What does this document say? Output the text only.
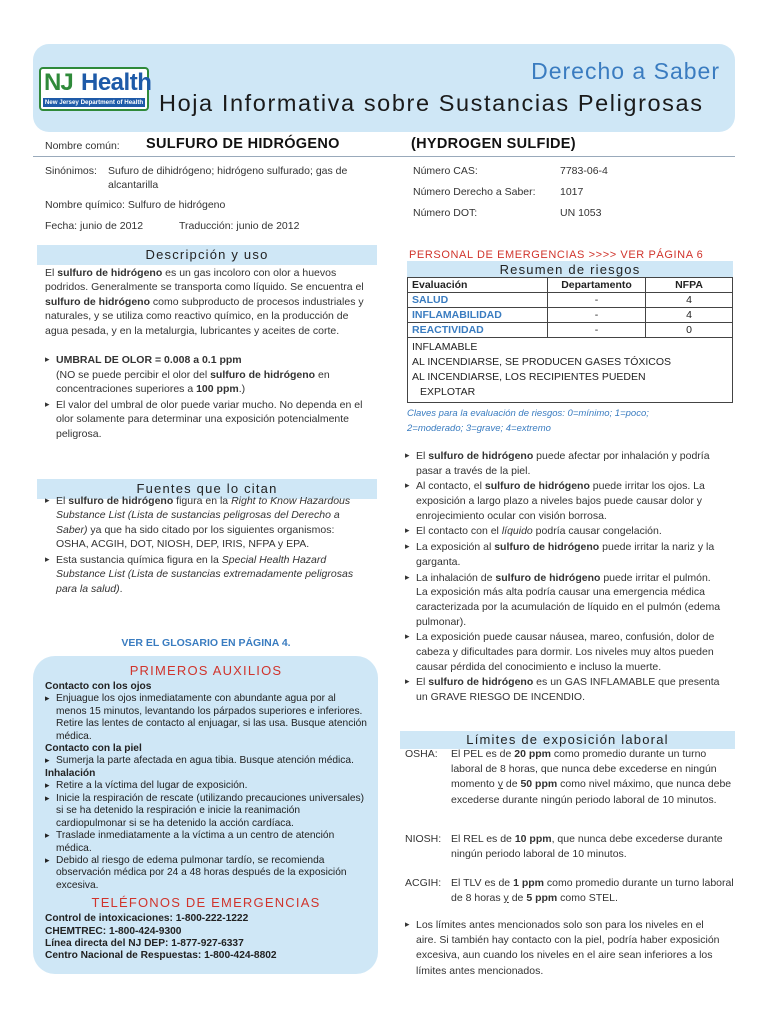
NJ Health
New Jersey Department of Health
Derecho a Saber
Hoja Informativa sobre Sustancias Peligrosas
Nombre común: SULFURO DE HIDRÓGENO	(HYDROGEN SULFIDE)
Sinónimos: Sufuro de dihidrógeno; hidrógeno sulfurado; gas de
alcantarilla
Nombre químico: Sulfuro de hidrógeno
Fecha: junio de 2012	Traducción: junio de 2012
Número CAS:	7783-06-4
Número Derecho a Saber: 1017
Número DOT:	UN 1053
Descripción y uso

El sulfuro de hidrógeno es un gas incoloro con olor a huevos podridos. Generalmente se transporta como líquido. Se encuentra el sulfuro de hidrógeno como subproducto de procesos industriales y naturales, y se utiliza como reactivo químico, en la producción de agua pesada, y en la metalurgia, lubricantes y aceites de corte.

▸ UMBRAL DE OLOR = 0.008 a 0.1 ppm
(NO se puede percibir el olor del sulfuro de hidrógeno en concentraciones superiores a 100 ppm.)
▸ El valor del umbral de olor puede variar mucho. No dependa en el olor solamente para determinar una exposición potencialmente peligrosa.
Fuentes que lo citan
▸ El sulfuro de hidrógeno figura en la Right to Know Hazardous Substance List (Lista de sustancias peligrosas del Derecho a Saber) ya que ha sido citado por los siguientes organismos: OSHA, ACGIH, DOT, NIOSH, DEP, IRIS, NFPA y EPA.
▸ Esta sustancia química figura en la Special Health Hazard Substance List (Lista de sustancias extremadamente peligrosas para la salud).
VER EL GLOSARIO EN PÁGINA 4.
PRIMEROS AUXILIOS
Contacto con los ojos
▸ Enjuague los ojos inmediatamente con abundante agua por al menos 15 minutos, levantando los párpados superiores e inferiores. Retire las lentes de contacto al enjuagar, si las usa. Busque atención médica.
Contacto con la piel
▸ Sumerja la parte afectada en agua tibia. Busque atención médica.
Inhalación
▸ Retire a la víctima del lugar de exposición.
▸ Inicie la respiración de rescate (utilizando precauciones universales) si se ha detenido la respiración e inicie la reanimación cardiopulmonar si se ha detenido la acción cardíaca.
▸ Traslade inmediatamente a la víctima a un centro de atención médica.
▸ Debido al riesgo de edema pulmonar tardío, se recomienda observación médica por 24 a 48 horas después de la exposición excesiva.
TELÉFONOS DE EMERGENCIAS
Control de intoxicaciones: 1-800-222-1222
CHEMTREC: 1-800-424-9300
Línea directa del NJ DEP: 1-877-927-6337
Centro Nacional de Respuestas: 1-800-424-8802
PERSONAL DE EMERGENCIAS >>>> VER PÁGINA 6
Resumen de riesgos
Evaluación	Departamento	NFPA
SALUD	-	4
INFLAMABILIDAD	-	4
REACTIVIDAD	-	0

INFLAMABLE
AL INCENDIARSE, SE PRODUCEN GASES TÓXICOS
AL INCENDIARSE, LOS RECIPIENTES PUEDEN
EXPLOTAR		
Claves para la evaluación de riesgos: 0=mínimo; 1=poco;
2=moderado; 3=grave; 4=extremo
▸ El sulfuro de hidrógeno puede afectar por inhalación y podría pasar a través de la piel.
▸ Al contacto, el sulfuro de hidrógeno puede irritar los ojos. La exposición a largo plazo a niveles bajos puede causar dolor y enrojecimiento ocular con visión borrosa.
▸ El contacto con el líquido podría causar congelación.
▸ La exposición al sulfuro de hidrógeno puede irritar la nariz y la garganta.
▸ La inhalación de sulfuro de hidrógeno puede irritar el pulmón. La exposición más alta podría causar una emergencia médica caracterizada por la acumulación de líquido en el pulmón (edema pulmonar).
▸ La exposición puede causar náusea, mareo, confusión, dolor de cabeza y dificultades para dormir. Los niveles muy altos pueden causar pérdida del conocimiento e incluso la muerte.
▸ El sulfuro de hidrógeno es un GAS INFLAMABLE que presenta un GRAVE RIESGO DE INCENDIO.
Límites de exposición laboral
OSHA:	El PEL es de 20 ppm como promedio durante un turno laboral de 8 horas, que nunca debe excederse en ningún momento y de 50 ppm como nivel máximo, que nunca debe excederse durante ningún periodo laboral de 10 minutos.
NIOSH: El REL es de 10 ppm, que nunca debe excederse durante ningún periodo laboral de 10 minutos.
ACGIH: El TLV es de 1 ppm como promedio durante un turno laboral de 8 horas y de 5 ppm como STEL.
▸ Los límites antes mencionados solo son para los niveles en el aire. Si también hay contacto con la piel, podría haber exposición excesiva, aun cuando los niveles en el aire sean inferiores a los límites antes mencionados.
